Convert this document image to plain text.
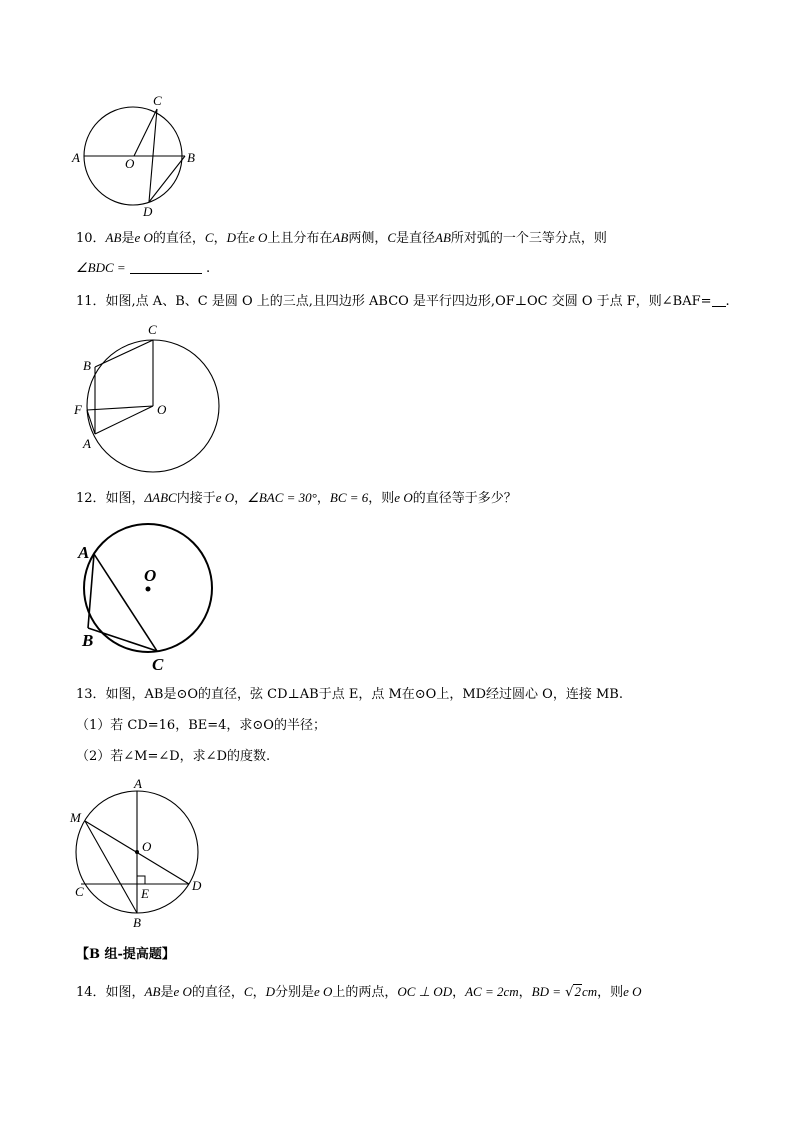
C
A	B
O
D
10．AB是e O的直径，C，D在e O上且分布在AB两侧，C是直径AB所对弧的一个三等分点，则
∠BDC =	.
11．如图,点 A、B、C 是圆 O 上的三点,且四边形 ABCO 是平行四边形,OF⊥OC 交圆 O 于点 F，则∠BAF= .
C
B
F
A
O
12．如图，ΔABC内接于e O，∠BAC = 30°，BC = 6，则e O的直径等于多少？
A
O
B
C
13．如图，AB是⊙O的直径，弦 CD⊥AB于点 E，点 M在⊙O上，MD经过圆心 O，连接 MB.
（1）若 CD=16，BE=4，求⊙O的半径；
（2）若∠M=∠D，求∠D的度数.
A
M
O
C	D
E
B
【B 组-提高题】
14．如图，AB是e O的直径，C，D分别是e O上的两点，OC ⊥ OD，AC = 2cm，BD = √2cm，则e O
